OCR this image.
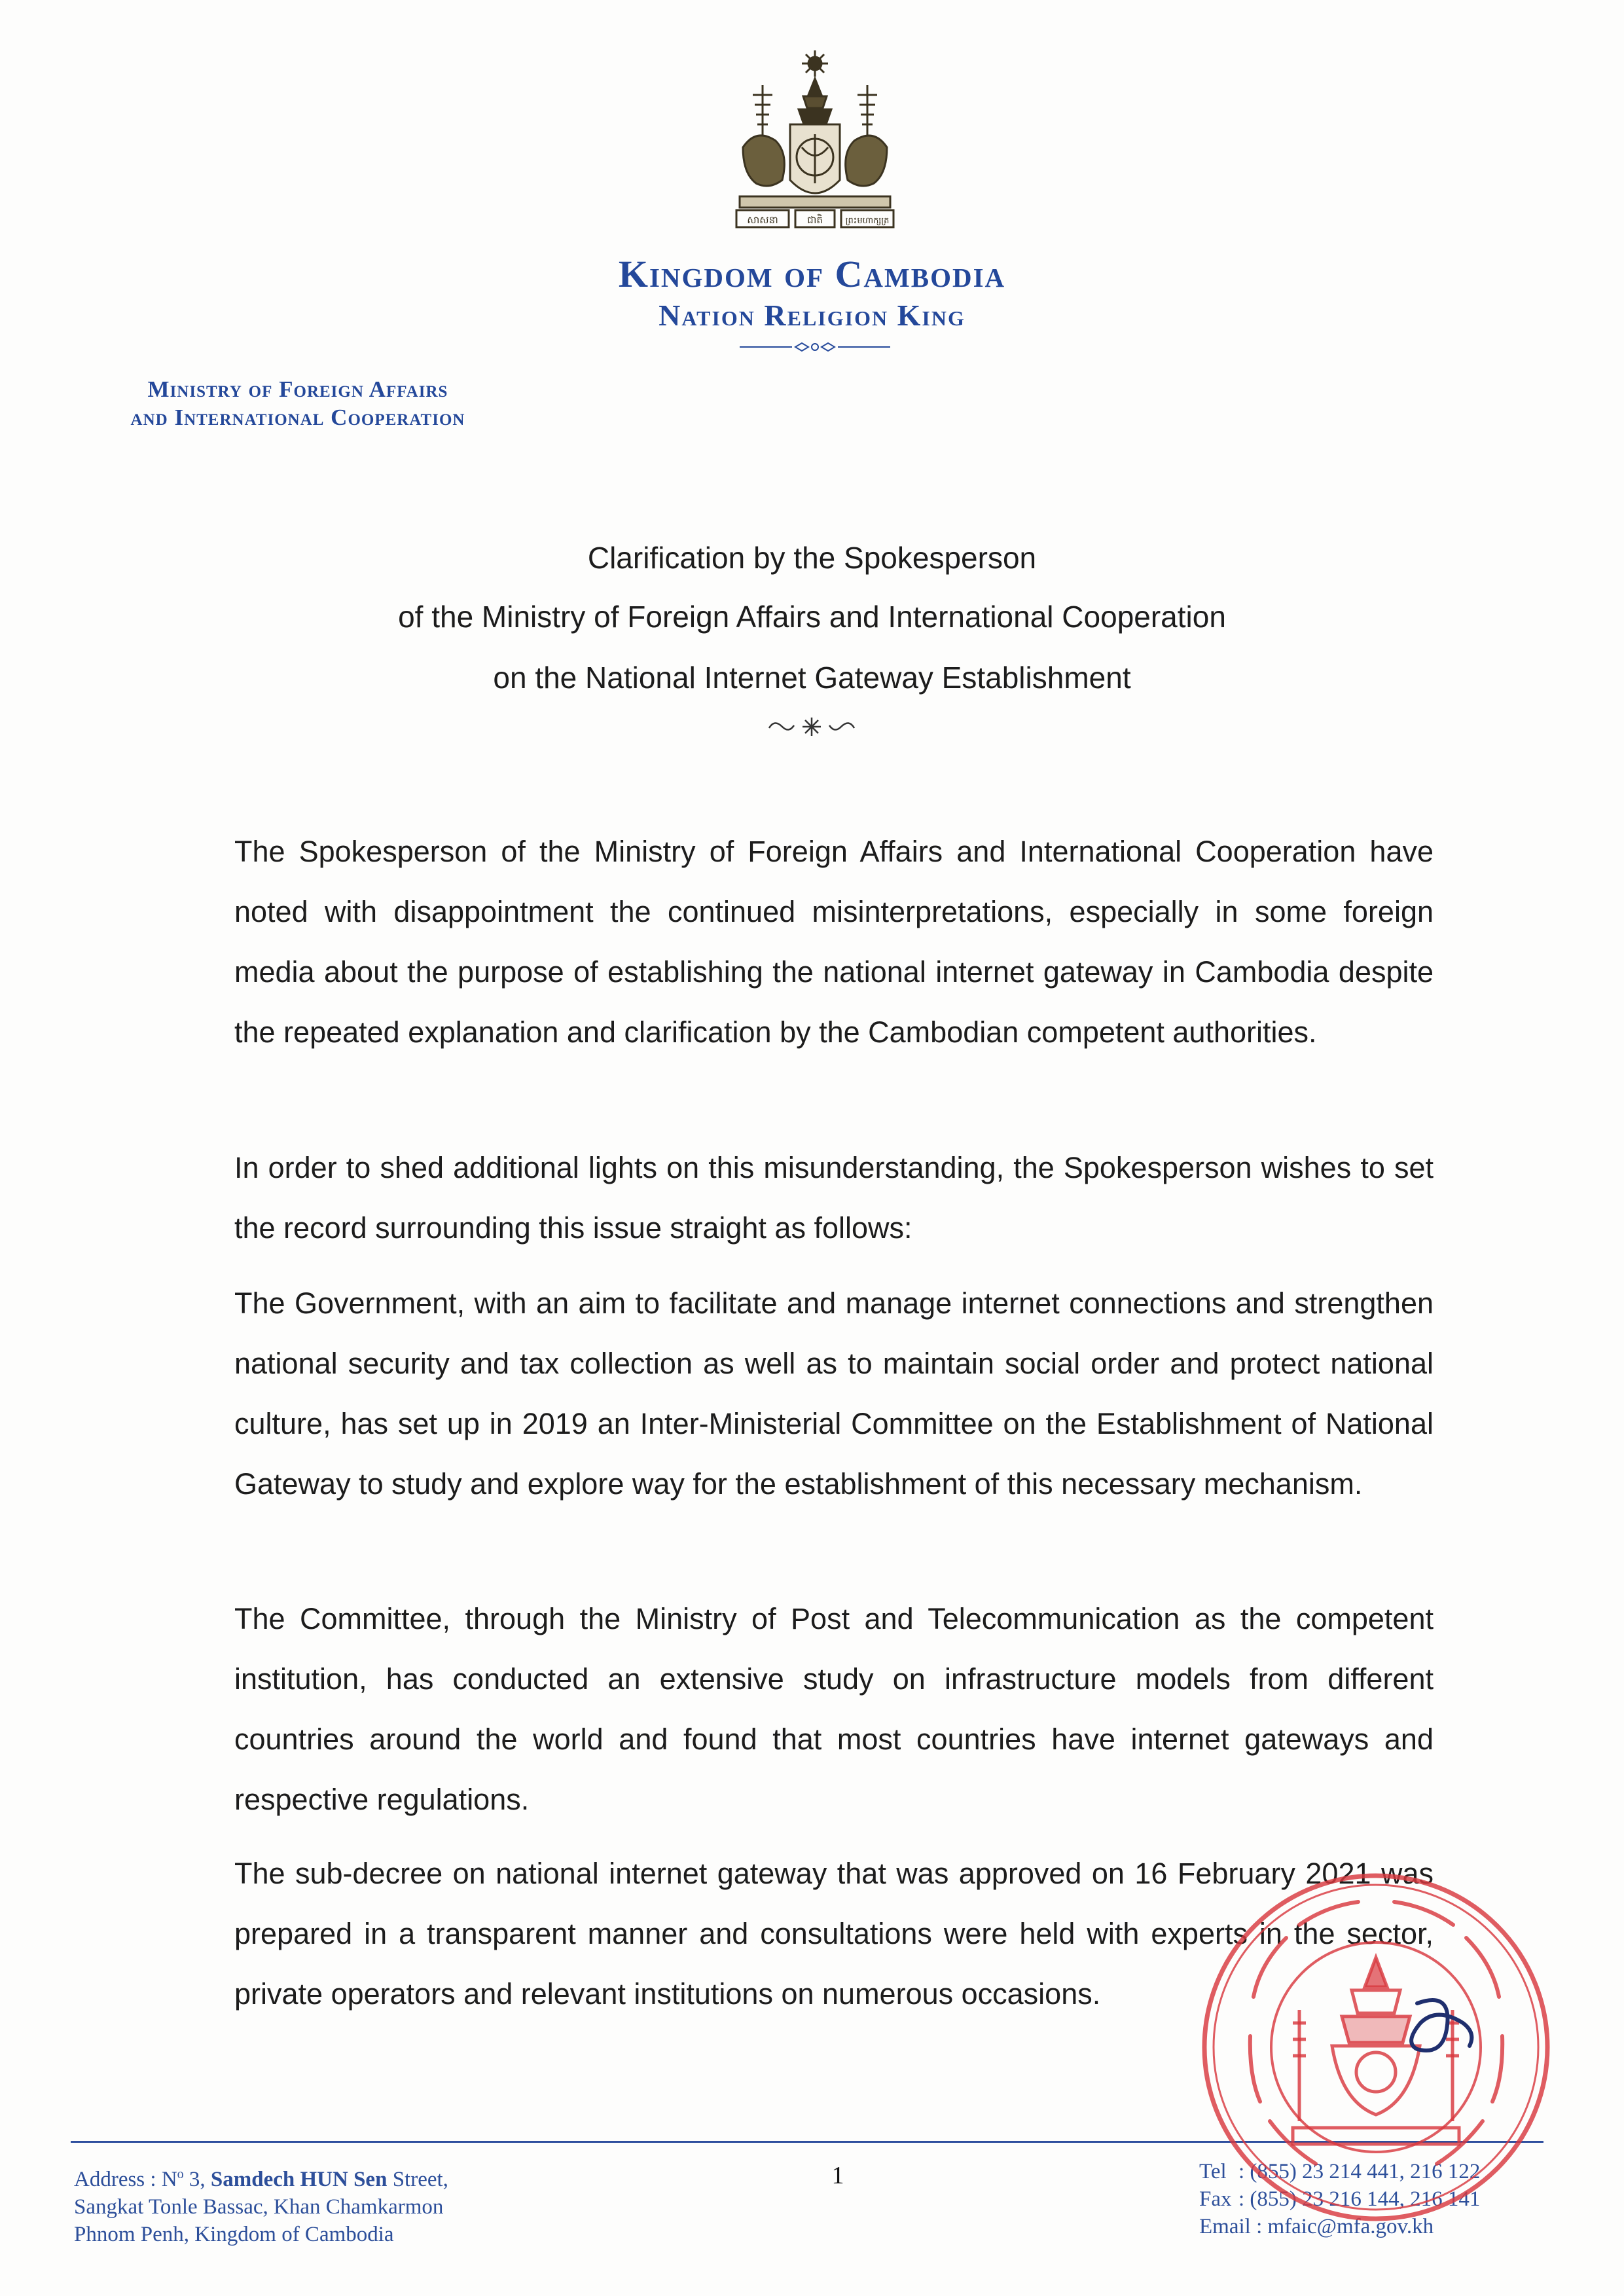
សាសនា	ជាតិ	ព្រះមហាក្សត្រ
Kingdom of Cambodia
Nation Religion King
Ministry of Foreign Affairs
and International Cooperation
Clarification by the Spokesperson
of the Ministry of Foreign Affairs and International Cooperation
on the National Internet Gateway Establishment
The Spokesperson of the Ministry of Foreign Affairs and International Cooperation have noted with disappointment the continued misinterpretations, especially in some foreign media about the purpose of establishing the national internet gateway in Cambodia despite the repeated explanation and clarification by the Cambodian competent authorities.
In order to shed additional lights on this misunderstanding, the Spokesperson wishes to set the record surrounding this issue straight as follows:
The Government, with an aim to facilitate and manage internet connections and strengthen national security and tax collection as well as to maintain social order and protect national culture, has set up in 2019 an Inter-Ministerial Committee on the Establishment of National Gateway to study and explore way for the establishment of this necessary mechanism.
The Committee, through the Ministry of Post and Telecommunication as the competent institution, has conducted an extensive study on infrastructure models from different countries around the world and found that most countries have internet gateways and respective regulations.
The sub-decree on national internet gateway that was approved on 16 February 2021 was prepared in a transparent manner and consultations were held with experts in the sector, private operators and relevant institutions on numerous occasions.
Address : $N^o$ 3, Samdech HUN Sen Street,
Sangkat Tonle Bassac, Khan Chamkarmon
Phnom Penh, Kingdom of Cambodia
1	Tel : (855) 23 214 441, 216 122
Fax : (855) 23 216 144, 216 141
Email : mfaic@mfa.gov.kh
